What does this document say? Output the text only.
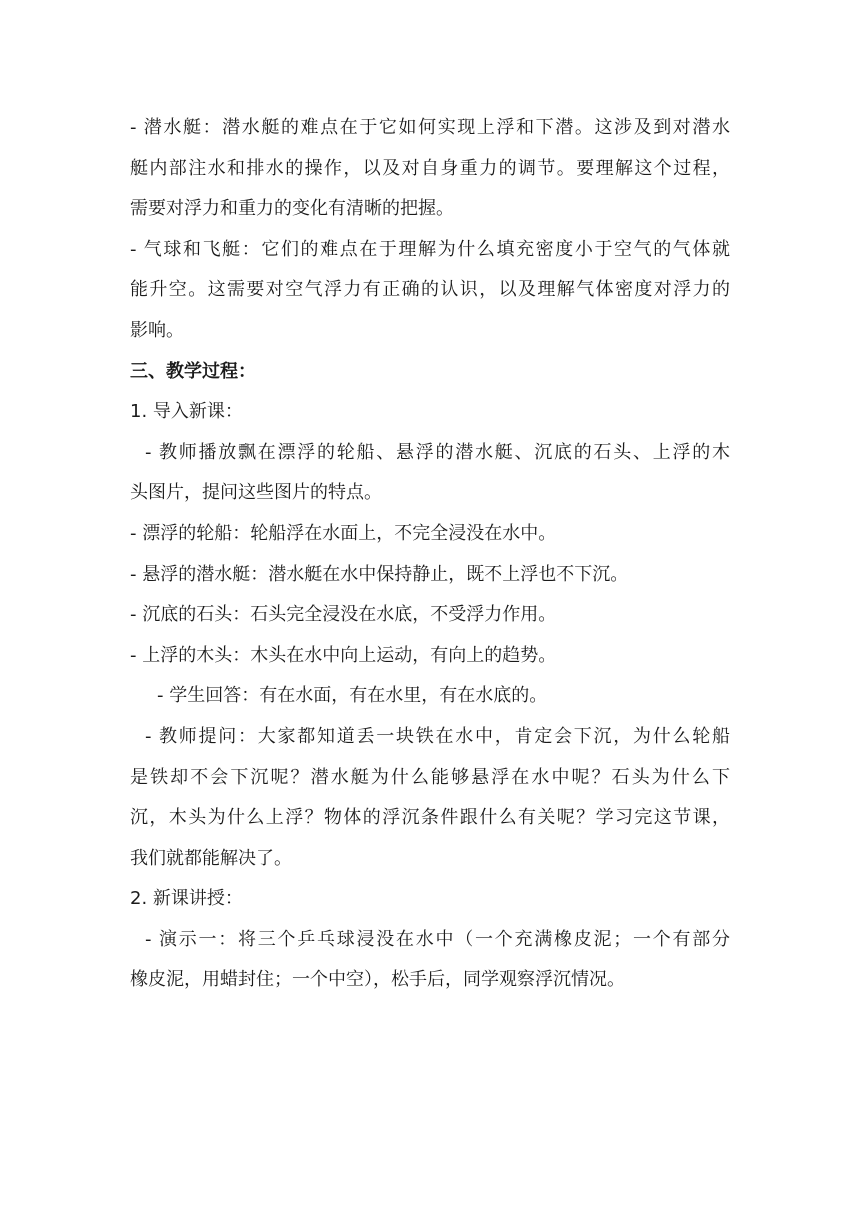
- 潜水艇：潜水艇的难点在于它如何实现上浮和下潜。这涉及到对潜水

艇内部注水和排水的操作，以及对自身重力的调节。要理解这个过程，

需要对浮力和重力的变化有清晰的把握。

- 气球和飞艇：它们的难点在于理解为什么填充密度小于空气的气体就

能升空。这需要对空气浮力有正确的认识，以及理解气体密度对浮力的

影响。

三、教学过程：

1. 导入新课：

- 教师播放飘在漂浮的轮船、悬浮的潜水艇、沉底的石头、上浮的木

头图片，提问这些图片的特点。

- 漂浮的轮船：轮船浮在水面上，不完全浸没在水中。

- 悬浮的潜水艇：潜水艇在水中保持静止，既不上浮也不下沉。

- 沉底的石头：石头完全浸没在水底，不受浮力作用。

- 上浮的木头：木头在水中向上运动，有向上的趋势。

- 学生回答：有在水面，有在水里，有在水底的。

- 教师提问：大家都知道丢一块铁在水中，肯定会下沉，为什么轮船

是铁却不会下沉呢？潜水艇为什么能够悬浮在水中呢？石头为什么下

沉，木头为什么上浮？物体的浮沉条件跟什么有关呢？学习完这节课，

我们就都能解决了。

2. 新课讲授：

- 演示一：将三个乒乓球浸没在水中（一个充满橡皮泥；一个有部分

橡皮泥，用蜡封住；一个中空），松手后，同学观察浮沉情况。
